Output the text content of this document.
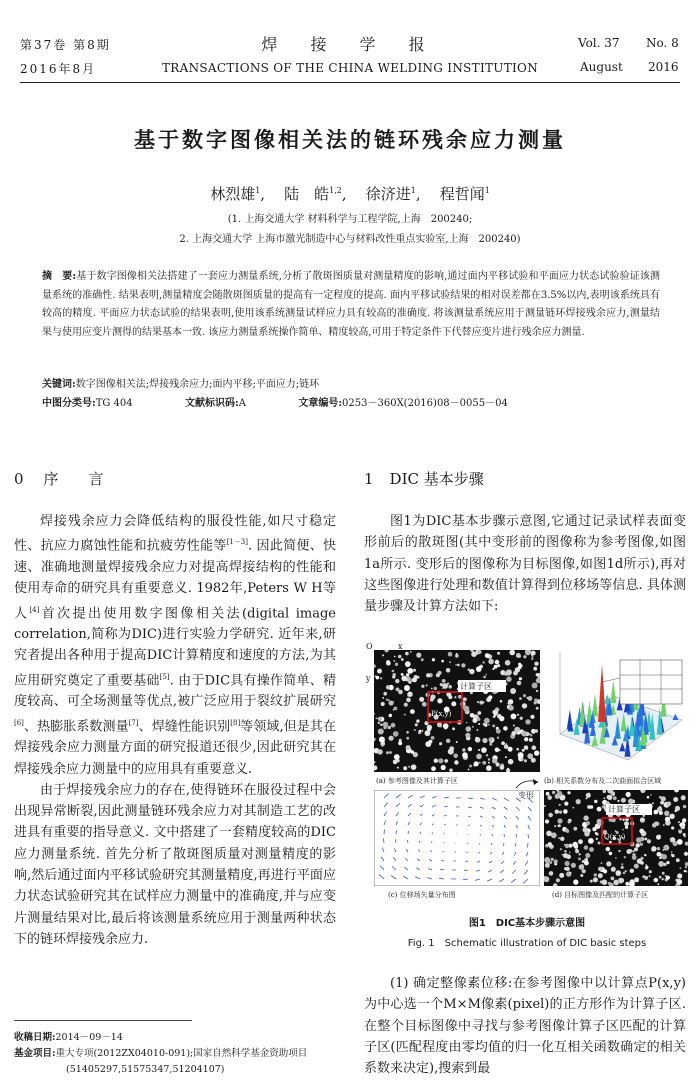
第37卷 第8期
2016年8月
焊 接 学 报
TRANSACTIONS OF THE CHINA WELDING INSTITUTION
Vol. 37 No. 8
August 2016
基于数字图像相关法的链环残余应力测量
林烈雄$^1$,    陆　皓$^{1,2}$,    徐济进$^1$,    程哲闻$^1$
(1. 上海交通大学 材料科学与工程学院,上海　200240;
2. 上海交通大学 上海市激光制造中心与材料改性重点实验室,上海　200240)
摘　要:基于数字图像相关法搭建了一套应力测量系统,分析了散斑图质量对测量精度的影响,通过面内平移试验和平面应力状态试验验证该测量系统的准确性. 结果表明,测量精度会随散斑图质量的提高有一定程度的提高. 面内平移试验结果的相对误差都在3.5%以内,表明该系统具有较高的精度. 平面应力状态试验的结果表明,使用该系统测量试样应力具有较高的准确度. 将该测量系统应用于测量链环焊接残余应力,测量结果与使用应变片测得的结果基本一致. 该应力测量系统操作简单、精度较高,可用于特定条件下代替应变片进行残余应力测量.
关键词:数字图像相关法;焊接残余应力;面内平移;平面应力;链环
中图分类号:TG 404	文献标识码:A	文章编号:0253－360X(2016)08－0055－04
0 序　　言

焊接残余应力会降低结构的服役性能,如尺寸稳定性、抗应力腐蚀性能和抗疲劳性能等[1－3]. 因此简便、快速、准确地测量焊接残余应力对提高焊接结构的性能和使用寿命的研究具有重要意义. 1982年,Peters W H等人[4]首次提出使用数字图像相关法(digital image correlation,简称为DIC)进行实验力学研究. 近年来,研究者提出各种用于提高DIC计算精度和速度的方法,为其应用研究奠定了重要基础[5]. 由于DIC具有操作简单、精度较高、可全场测量等优点,被广泛应用于裂纹扩展研究[6]、热膨胀系数测量[7]、焊缝性能识别[8]等领域,但是其在焊接残余应力测量方面的研究报道还很少,因此研究其在焊接残余应力测量中的应用具有重要意义.

由于焊接残余应力的存在,使得链环在服役过程中会出现异常断裂,因此测量链环残余应力对其制造工艺的改进具有重要的指导意义. 文中搭建了一套精度较高的DIC应力测量系统. 首先分析了散斑图质量对测量精度的影响,然后通过面内平移试验研究其测量精度,再进行平面应力状态试验研究其在试样应力测量中的准确度,并与应变片测量结果对比,最后将该测量系统应用于测量两种状态下的链环焊接残余应力.

收稿日期:2014－09－14
基金项目:重大专项(2012ZX04010-091);国家自然科学基金资助项目(51405297,51575347,51204107)
1 DIC 基本步骤

图1为DIC基本步骤示意图,它通过记录试样表面变形前后的散斑图(其中变形前的图像称为参考图像,如图1a所示. 变形后的图像称为目标图像,如图1d所示),再对这些图像进行处理和数值计算得到位移场等信息. 具体测量步骤及计算方法如下:

计算子区
P(x,y)
O	x
y
(a) 参考图像及其计算子区	(b) 相关系数分布及二次曲面拟合区域
(c) 位移场矢量分布图
变形
计算子区
Q(x,y)
(d) 目标图像及匹配的计算子区
图1　DIC基本步骤示意图
Fig. 1　Schematic illustration of DIC basic steps

(1) 确定整像素位移:在参考图像中以计算点P(x,y)为中心选一个M×M像素(pixel)的正方形作为计算子区. 在整个目标图像中寻找与参考图像计算子区匹配的计算子区(匹配程度由零均值的归一化互相关函数确定的相关系数来决定),搜索到最
